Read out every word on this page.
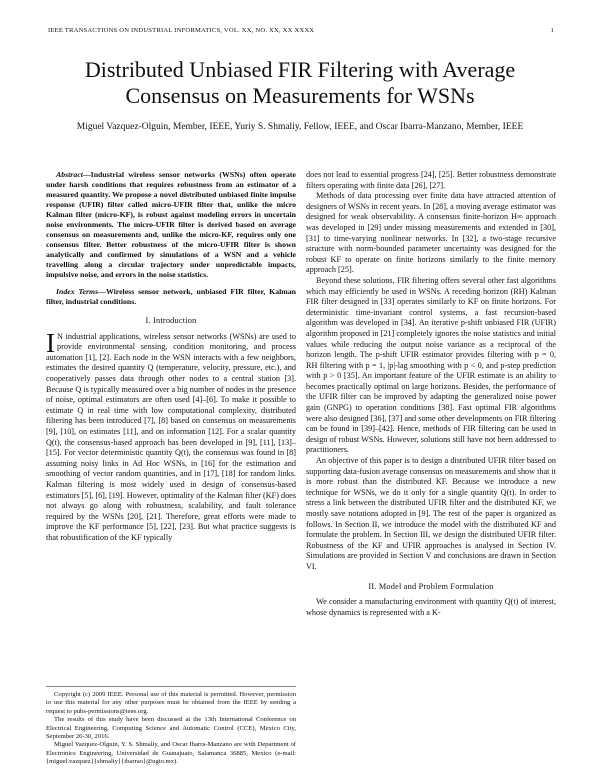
IEEE TRANSACTIONS ON INDUSTRIAL INFORMATICS, VOL. XX, NO. XX, XX XXXX	1
Distributed Unbiased FIR Filtering with Average Consensus on Measurements for WSNs
Miguel Vazquez-Olguin, Member, IEEE, Yuriy S. Shmaliy, Fellow, IEEE, and Oscar Ibarra-Manzano, Member, IEEE

Abstract—Industrial wireless sensor networks (WSNs) often operate under harsh conditions that requires robustness from an estimator of a measured quantity. We propose a novel distributed unbiased finite impulse response (UFIR) filter called micro-UFIR filter that, unlike the micro Kalman filter (micro-KF), is robust against modeling errors in uncertain noise environments. The micro-UFIR filter is derived based on average consensus on measurements and, unlike the micro-KF, requires only one consensus filter. Better robustness of the micro-UFIR filter is shown analytically and confirmed by simulations of a WSN and a vehicle travelling along a circular trajectory under unpredictable impacts, impulsive noise, and errors in the noise statistics.

Index Terms—Wireless sensor network, unbiased FIR filter, Kalman filter, industrial conditions.

I. Introduction

I N industrial applications, wireless sensor networks (WSNs) are used to provide environmental sensing, condition monitoring, and process automation [1], [2]. Each node in the WSN interacts with a few neighbors, estimates the desired quantity Q (temperature, velocity, pressure, etc.), and cooperatively passes data through other nodes to a central station [3]. Because Q is typically measured over a big number of nodes in the presence of noise, optimal estimators are often used [4]–[6]. To make it possible to estimate Q in real time with low computational complexity, distributed filtering has been introduced [7], [8] based on consensus on measurements [9], [10], on estimates [11], and on information [12]. For a scalar quantity Q(t), the consensus-based approach has been developed in [9], [11], [13]–[15]. For vector deterministic quantity Q(t), the consensus was found in [8] assuming noisy links in Ad Hoc WSNs, in [16] for the estimation and smoothing of vector random quantities, and in [17], [18] for random links. Kalman filtering is most widely used in design of consensus-based estimators [5], [6], [19]. However, optimality of the Kalman filter (KF) does not always go along with robustness, scalability, and fault tolerance required by the WSNs [20], [21]. Therefore, great efforts were made to improve the KF performance [5], [22], [23]. But what practice suggests is that robustification of the KF typically

Copyright (c) 2009 IEEE. Personal use of this material is permitted. However, permission to use this material for any other purposes must be obtained from the IEEE by sending a request to pubs-permissions@ieee.org.

The results of this study have been discussed at the 13th International Conference on Electrical Engineering, Computing Science and Automatic Control (CCE), Mexico City, September 26-30, 2016.

Miguel Vazquez-Olguin, Y. S. Shmaliy, and Oscar Ibarra-Manzano are with Department of Electronics Engineering, Universidad de Guanajuato, Salamanca 36885, Mexico (e-mail:{miguel.vazquez}{shmaliy}{ibarrao}@ugto.mx).

does not lead to essential progress [24], [25]. Better robustness demonstrate filters operating with finite data [26], [27].

Methods of data processing over finite data have attracted attention of designers of WSNs in recent years. In [28], a moving average estimator was designed for weak observability. A consensus finite-horizon H∞ approach was developed in [29] under missing measurements and extended in [30], [31] to time-varying nonlinear networks. In [32], a two-stage recursive structure with norm-bounded parameter uncertainty was designed for the robust KF to operate on finite horizons similarly to the finite memory approach [25].

Beyond these solutions, FIR filtering offers several other fast algorithms which may efficiently be used in WSNs. A receding horizon (RH) Kalman FIR filter designed in [33] operates similarly to KF on finite horizons. For deterministic time-invariant control systems, a fast recursion-based algorithm was developed in [34]. An iterative p-shift unbiased FIR (UFIR) algorithm proposed in [21] completely ignores the noise statistics and initial values while reducing the output noise variance as a reciprocal of the horizon length. The p-shift UFIR estimator provides filtering with p = 0, RH filtering with p = 1, |p|-lag smoothing with p < 0, and p-step prediction with p > 0 [35]. An important feature of the UFIR estimate is an ability to becomes practically optimal on large horizons. Besides, the performance of the UFIR filter can be improved by adapting the generalized noise power gain (GNPG) to operation conditions [38]. Fast optimal FIR algorithms were also designed [36], [37] and some other developments on FIR filtering can be found in [39]–[42]. Hence, methods of FIR filtering can be used in design of robust WSNs. However, solutions still have not been addressed to practitioners.

An objective of this paper is to design a distributed UFIR filter based on supporting data-fusion average consensus on measurements and show that it is more robust than the distributed KF. Because we introduce a new technique for WSNs, we do it only for a single quantity Q(t). In order to stress a link between the distributed UFIR filter and the distributed KF, we mostly save notations adopted in [9]. The rest of the paper is organized as follows. In Section II, we introduce the model with the distributed KF and formulate the problem. In Section III, we design the distributed UFIR filter. Robustness of the KF and UFIR approaches is analysed in Section IV. Simulations are provided in Section V and conclusions are drawn in Section VI.

II. Model and Problem Formulation

We consider a manufacturing environment with quantity Q(t) of interest, whose dynamics is represented with a K-
